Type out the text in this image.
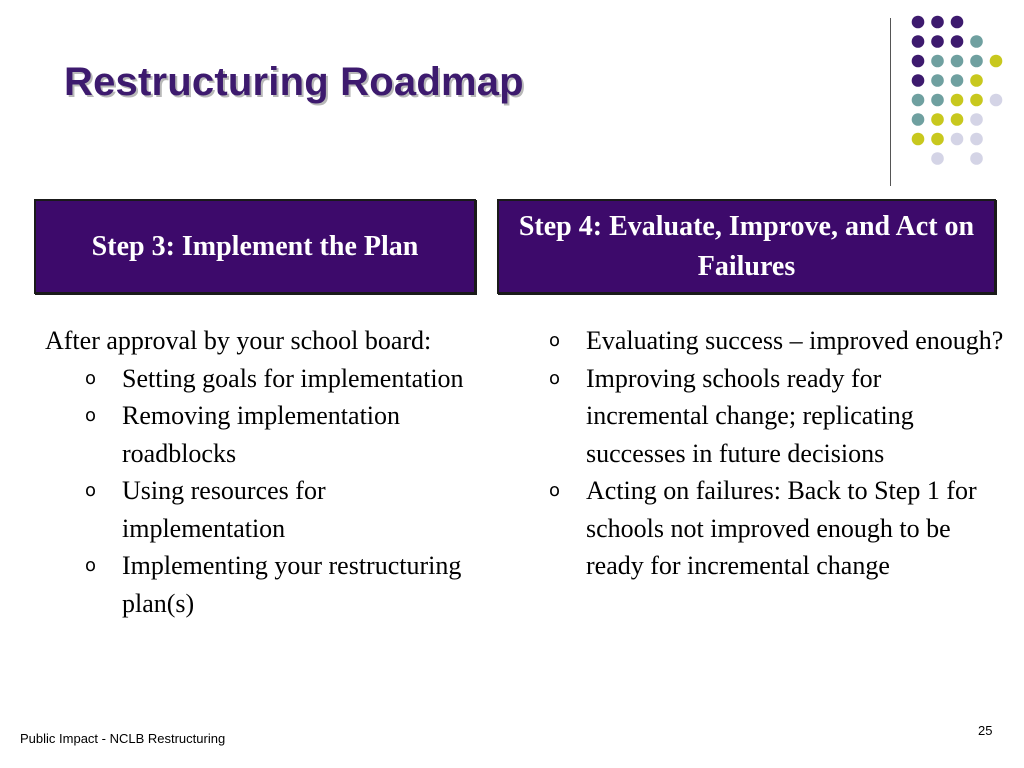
Restructuring Roadmap
Step 3: Implement the Plan
Step 4: Evaluate, Improve, and Act on Failures

After approval by your school board:

o Setting goals for implementation
o Removing implementation roadblocks
o Using resources for implementation
o Implementing your restructuring plan(s)
o Evaluating success – improved enough?
o Improving schools ready for incremental change; replicating successes in future decisions
o Acting on failures: Back to Step 1 for schools not improved enough to be ready for incremental change
Public Impact - NCLB Restructuring
25
